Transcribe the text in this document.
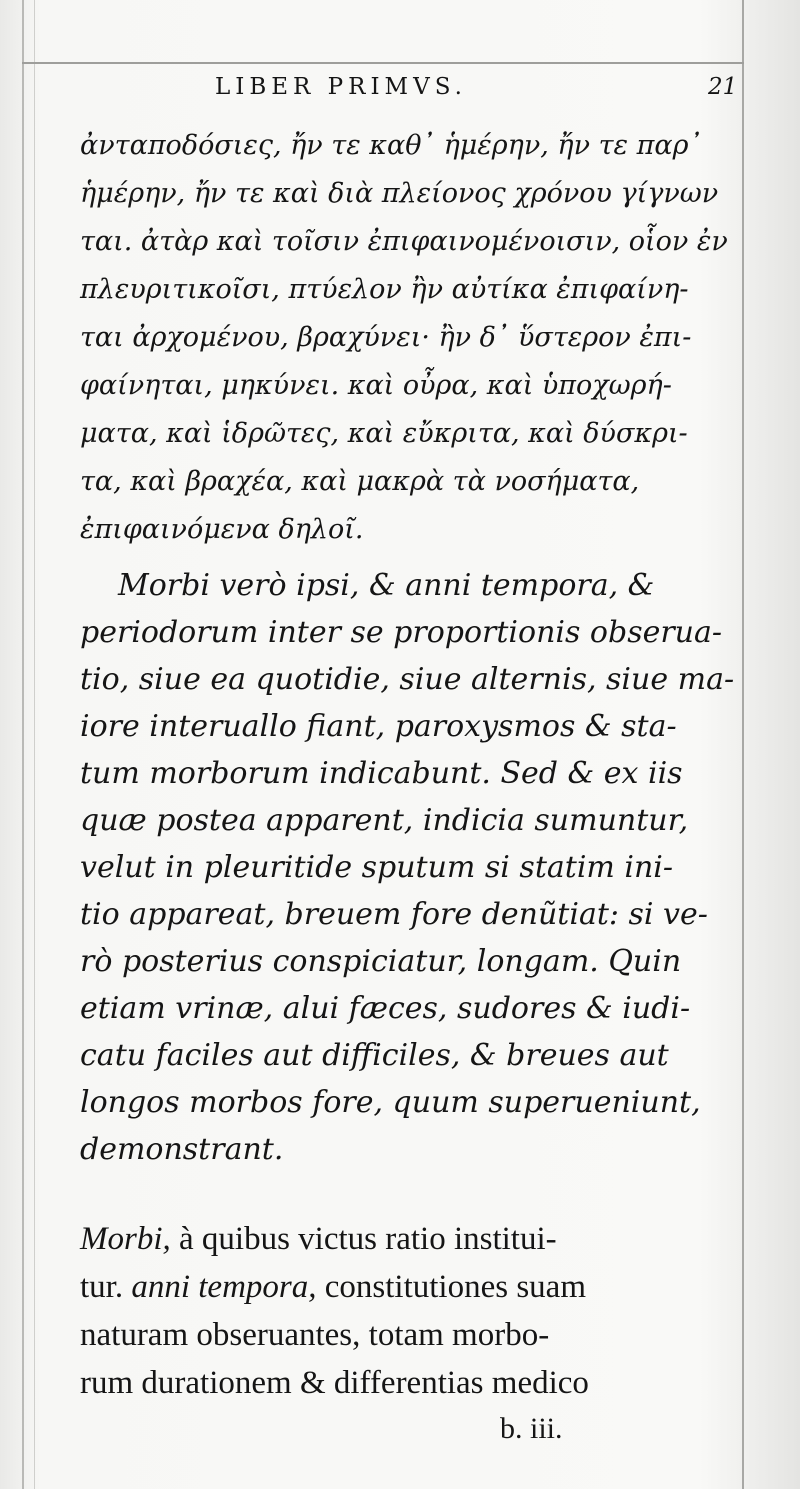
LIBER PRIMVS.	21
ἀνταποδόσιες, ἤν τε καθ᾽ ἡμέρην, ἤν τε παρ᾽
ἡμέρην, ἤν τε καὶ διὰ πλείονος χρόνου γίγνων
ται. ἀτὰρ καὶ τοῖσιν ἐπιφαινομένοισιν, οἷον ἐν
πλευριτικοῖσι, πτύελον ἢν αὐτίκα ἐπιφαίνη-
ται ἀρχομένου, βραχύνει· ἢν δ᾽ ὕστερον ἐπι-
φαίνηται, μηκύνει. καὶ οὖρα, καὶ ὑποχωρή-
ματα, καὶ ἱδρῶτες, καὶ εὔκριτα, καὶ δύσκρι-
τα, καὶ βραχέα, καὶ μακρὰ τὰ νοσήματα,
ἐπιφαινόμενα δηλοῖ.
Morbi verò ipsi, & anni tempora, &
periodorum inter se proportionis obserua-
tio, siue ea quotidie, siue alternis, siue ma-
iore interuallo fiant, paroxysmos & sta-
tum morborum indicabunt. Sed & ex iis
quæ postea apparent, indicia sumuntur,
velut in pleuritide sputum si statim ini-
tio appareat, breuem fore denũtiat: si ve-
rò posterius conspiciatur, longam. Quin
etiam vrinæ, alui fæces, sudores & iudi-
catu faciles aut difficiles, & breues aut
longos morbos fore, quum superueniunt,
demonstrant.
Morbi, à quibus victus ratio institui-
tur. anni tempora, constitutiones suam
naturam obseruantes, totam morbo-
rum durationem & differentias medico
b. iii.
